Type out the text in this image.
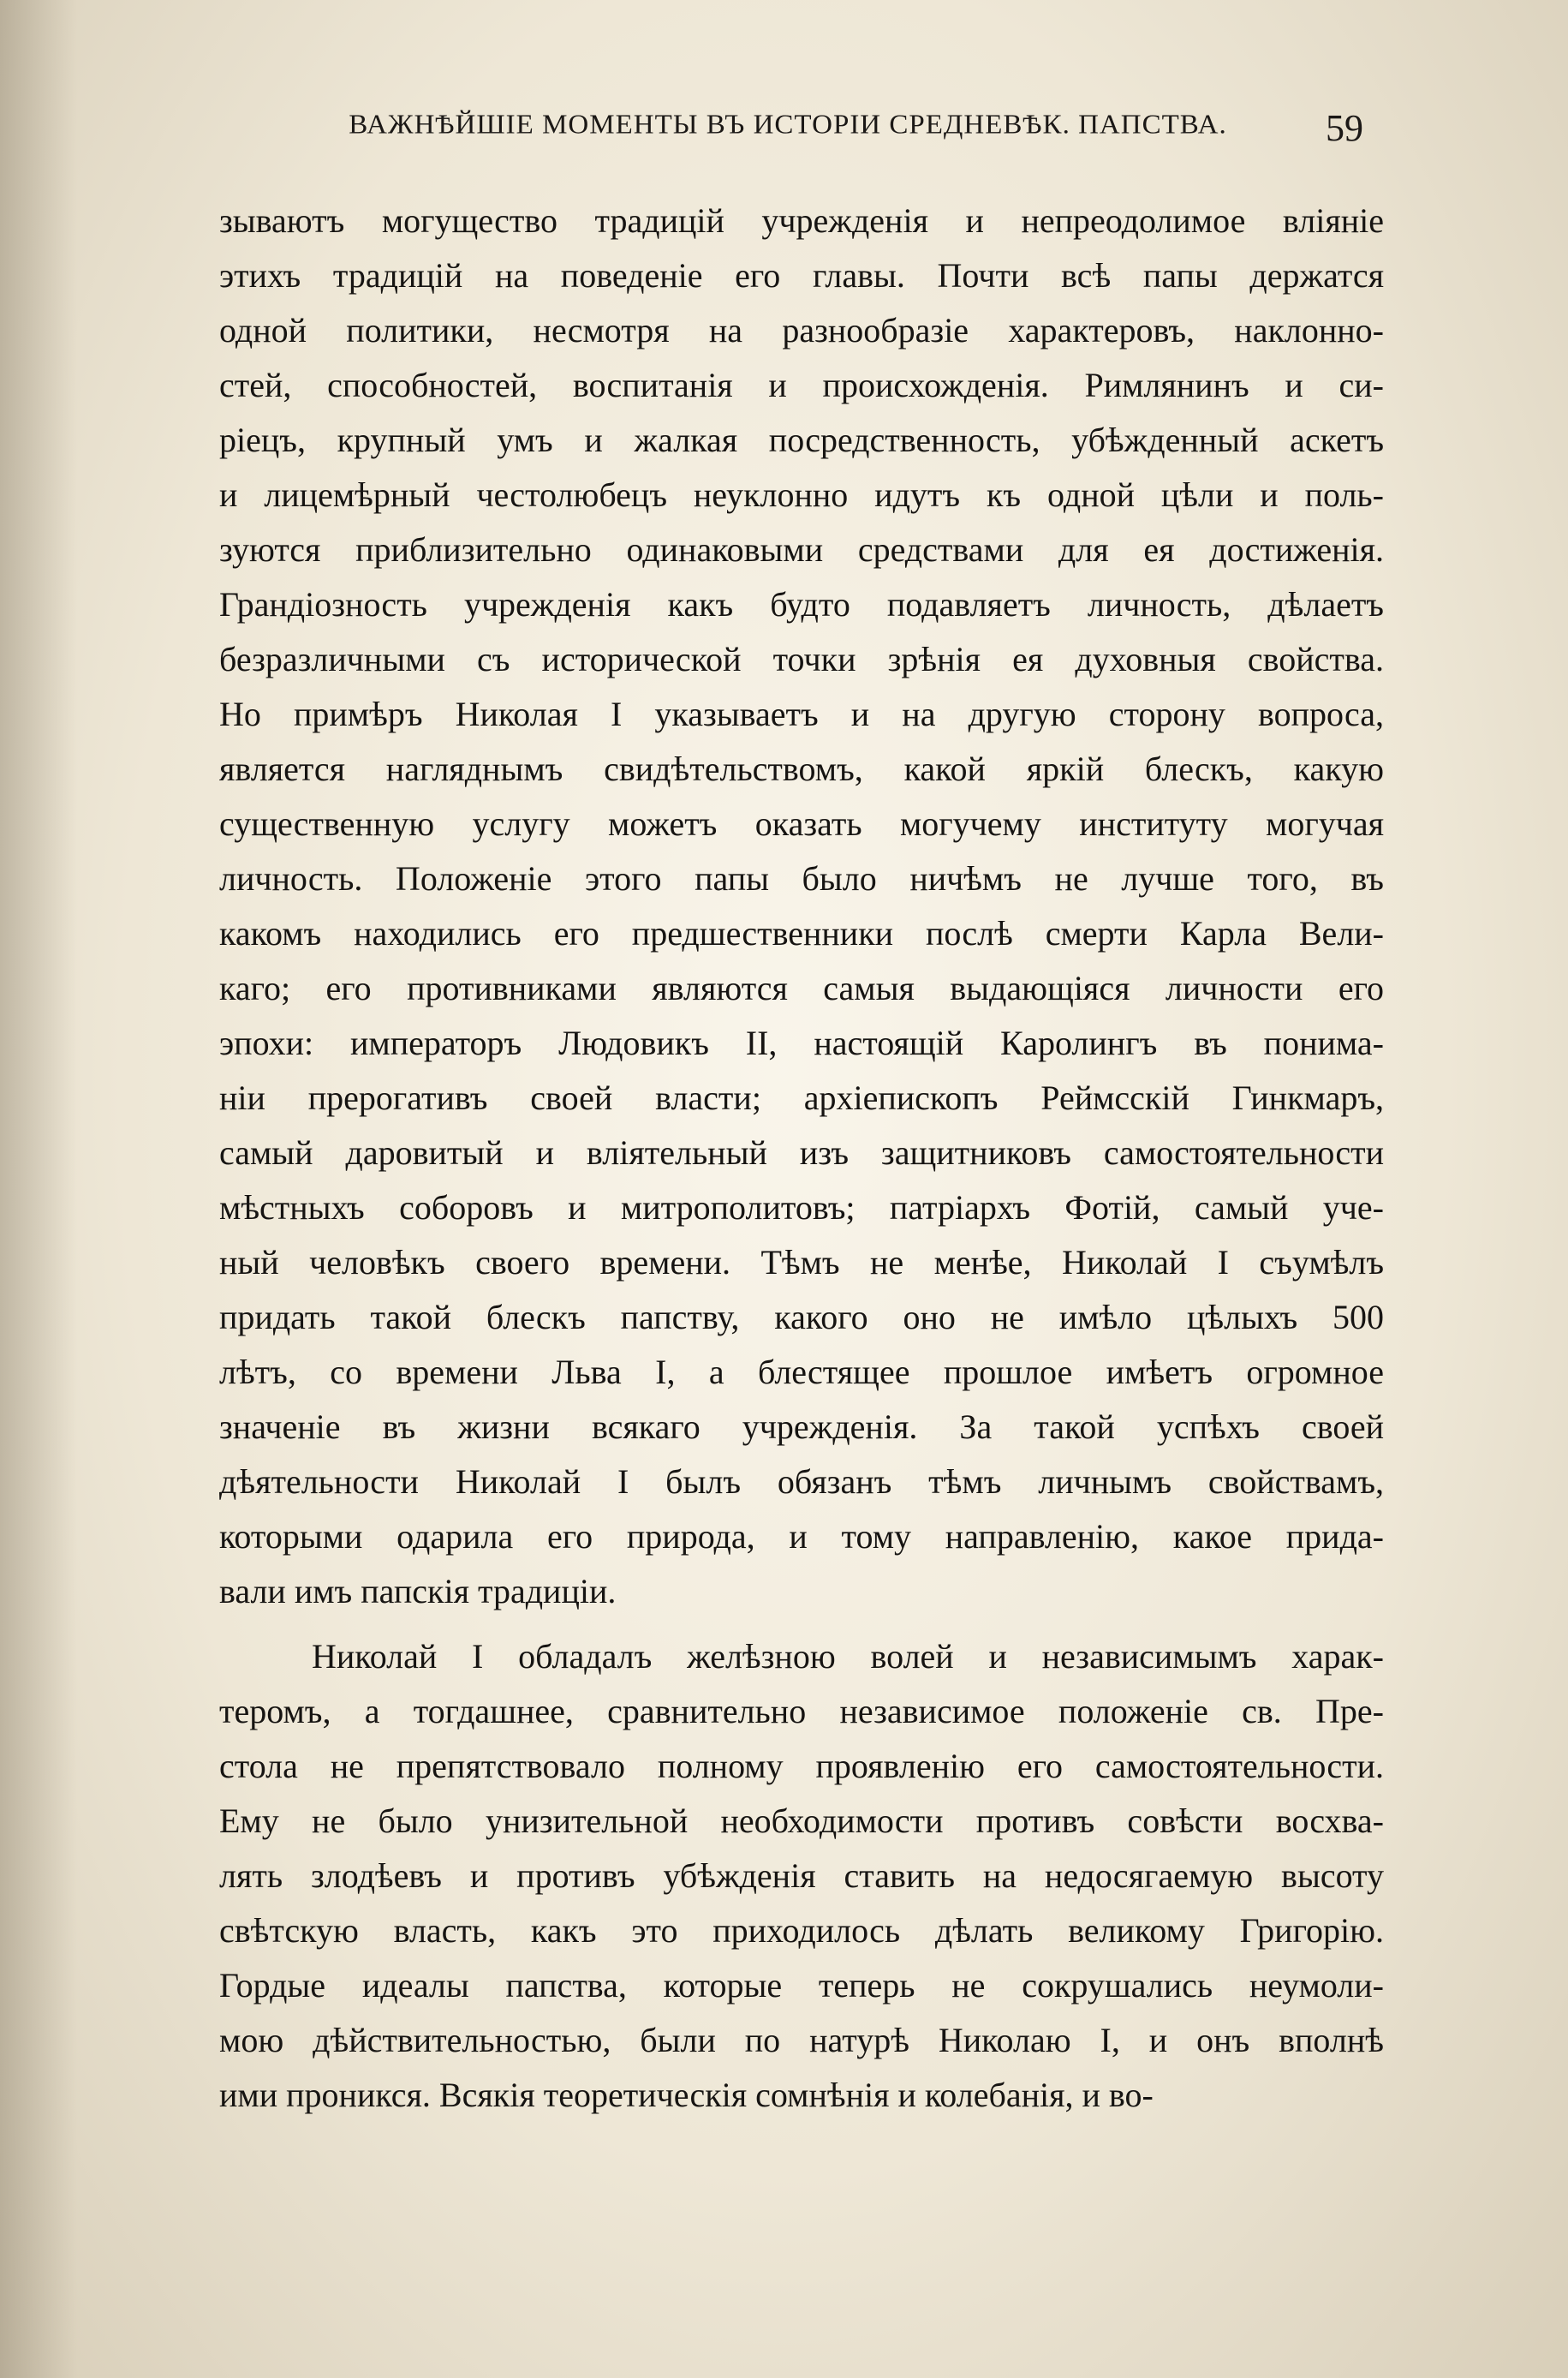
ВАЖНѢЙШІЕ МОМЕНТЫ ВЪ ИСТОРІИ СРЕДНЕВѢК. ПАПСТВА.	59
зываютъ могущество традицій учрежденія и непреодолимое вліяніе
этихъ традицій на поведеніе его главы. Почти всѣ папы держатся
одной политики, несмотря на разнообразіе характеровъ, наклонно-
стей, способностей, воспитанія и происхожденія. Римлянинъ и си-
ріецъ, крупный умъ и жалкая посредственность, убѣжденный аскетъ
и лицемѣрный честолюбецъ неуклонно идутъ къ одной цѣли и поль-
зуются приблизительно одинаковыми средствами для ея достиженія.
Грандіозность учрежденія какъ будто подавляетъ личность, дѣлаетъ
безразличными съ исторической точки зрѣнія ея духовныя свойства.
Но примѣръ Николая I указываетъ и на другую сторону вопроса,
является нагляднымъ свидѣтельствомъ, какой яркій блескъ, какую
существенную услугу можетъ оказать могучему институту могучая
личность. Положеніе этого папы было ничѣмъ не лучше того, въ
какомъ находились его предшественники послѣ смерти Карла Вели-
каго; его противниками являются самыя выдающіяся личности его
эпохи: императоръ Людовикъ II, настоящій Каролингъ въ понима-
ніи прерогативъ своей власти; архіепископъ Реймсскій Гинкмаръ,
самый даровитый и вліятельный изъ защитниковъ самостоятельности
мѣстныхъ соборовъ и митрополитовъ; патріархъ Фотій, самый уче-
ный человѣкъ своего времени. Тѣмъ не менѣе, Николай I съумѣлъ
придать такой блескъ папству, какого оно не имѣло цѣлыхъ 500
лѣтъ, со времени Льва I, а блестящее прошлое имѣетъ огромное
значеніе въ жизни всякаго учрежденія. За такой успѣхъ своей
дѣятельности Николай I былъ обязанъ тѣмъ личнымъ свойствамъ,
которыми одарила его природа, и тому направленію, какое прида-
вали имъ папскія традиціи.
Николай I обладалъ желѣзною волей и независимымъ харак-
теромъ, а тогдашнее, сравнительно независимое положеніе св. Пре-
стола не препятствовало полному проявленію его самостоятельности.
Ему не было унизительной необходимости противъ совѣсти восхва-
лять злодѣевъ и противъ убѣжденія ставить на недосягаемую высоту
свѣтскую власть, какъ это приходилось дѣлать великому Григорію.
Гордые идеалы папства, которые теперь не сокрушались неумоли-
мою дѣйствительностью, были по натурѣ Николаю I, и онъ вполнѣ
ими проникся. Всякія теоретическія сомнѣнія и колебанія, и во-
